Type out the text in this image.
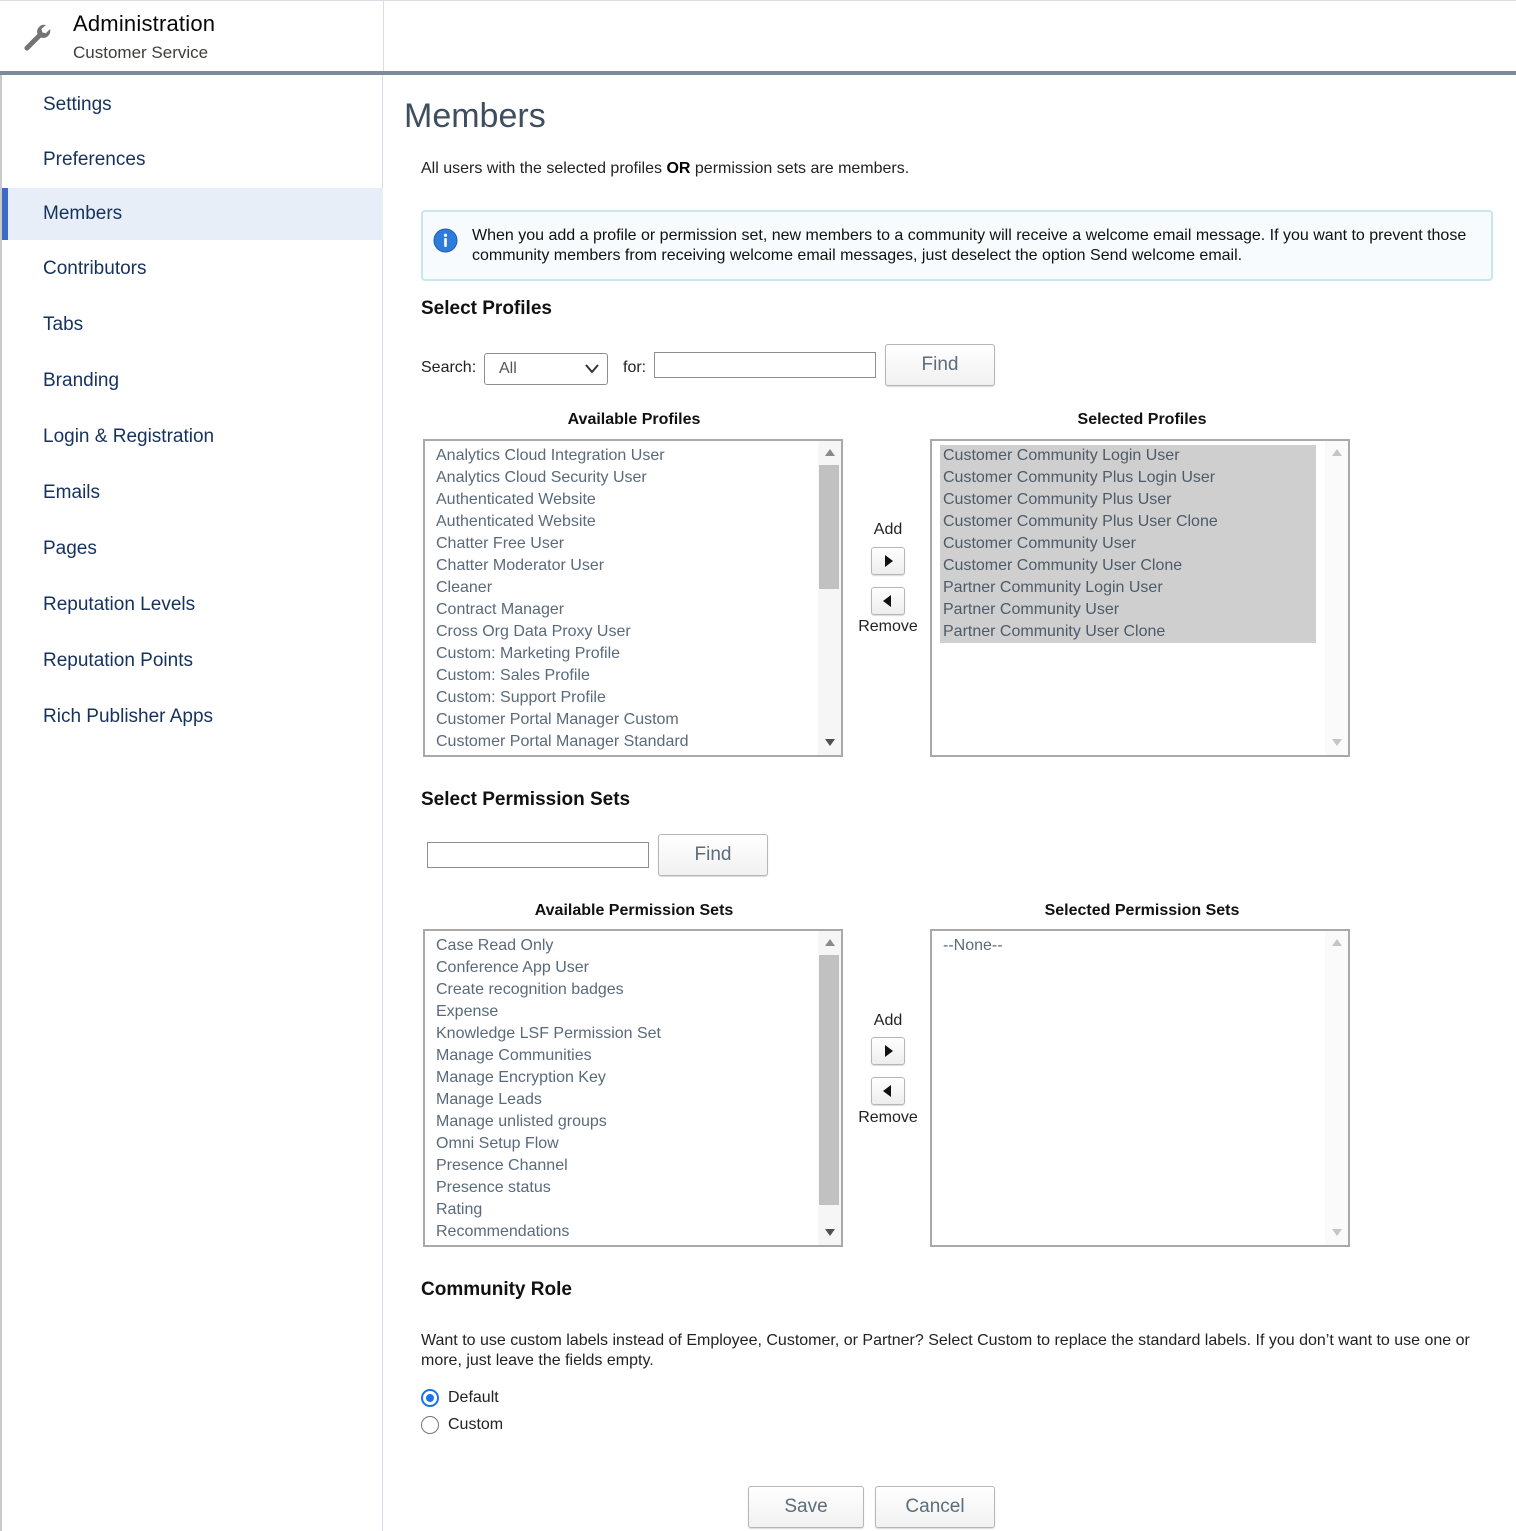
Administration
Customer Service
Settings
Preferences
Members
Contributors
Tabs
Branding
Login & Registration
Emails
Pages
Reputation Levels
Reputation Points
Rich Publisher Apps
Members
All users with the selected profiles OR permission sets are members.
When you add a profile or permission set, new members to a community will receive a welcome email message. If you want to prevent those community members from receiving welcome email messages, just deselect the option Send welcome email.
Select Profiles
Search:	All	for:	Find
Available Profiles	Selected Profiles
Analytics Cloud Integration User
Analytics Cloud Security User
Authenticated Website
Authenticated Website
Chatter Free User
Chatter Moderator User
Cleaner
Contract Manager
Cross Org Data Proxy User
Custom: Marketing Profile
Custom: Sales Profile
Custom: Support Profile
Customer Portal Manager Custom
Customer Portal Manager Standard
Add
Remove
Customer Community Login User
Customer Community Plus Login User
Customer Community Plus User
Customer Community Plus User Clone
Customer Community User
Customer Community User Clone
Partner Community Login User
Partner Community User
Partner Community User Clone
Select Permission Sets
Find
Available Permission Sets	Selected Permission Sets
Case Read Only
Conference App User
Create recognition badges
Expense
Knowledge LSF Permission Set
Manage Communities
Manage Encryption Key
Manage Leads
Manage unlisted groups
Omni Setup Flow
Presence Channel
Presence status
Rating
Recommendations
Add
Remove
--None--
Community Role
Want to use custom labels instead of Employee, Customer, or Partner? Select Custom to replace the standard labels. If you don’t want to use one or more, just leave the fields empty.
Default
Custom
Save	Cancel
